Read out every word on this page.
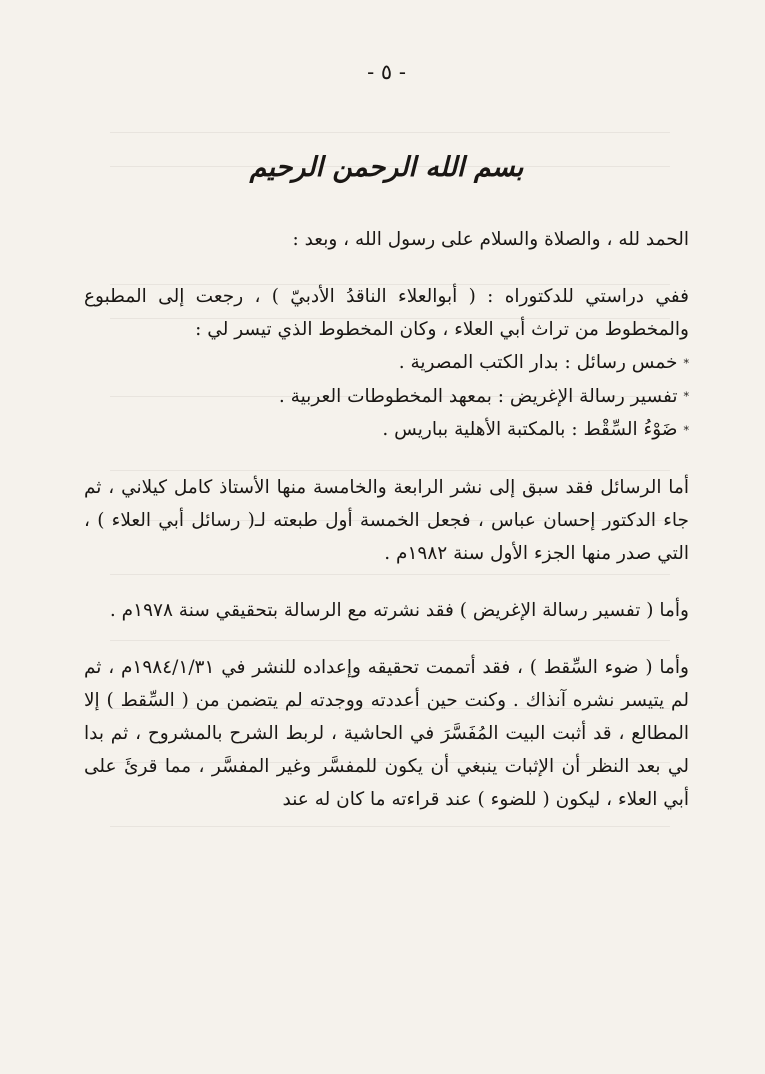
- ٥ -
بسم الله الرحمن الرحيم

الحمد لله ، والصلاة والسلام على رسول الله ، وبعد :

ففي دراستي للدكتوراه : ( أبوالعلاء الناقدُ الأدبيّ ) ، رجعت إلى المطبوع والمخطوط من تراث أبي العلاء ، وكان المخطوط الذي تيسر لي :

*خمس رسائل : بدار الكتب المصرية .

*تفسير رسالة الإغريض : بمعهد المخطوطات العربية .

*ضَوْءُ السِّقْط : بالمكتبة الأهلية بباريس .

أما الرسائل فقد سبق إلى نشر الرابعة والخامسة منها الأستاذ كامل كيلاني ، ثم جاء الدكتور إحسان عباس ، فجعل الخمسة أول طبعته لـ( رسائل أبي العلاء ) ، التي صدر منها الجزء الأول سنة ١٩٨٢م .

وأما ( تفسير رسالة الإغريض ) فقد نشرته مع الرسالة بتحقيقي سنة ١٩٧٨م .

وأما ( ضوء السِّقط ) ، فقد أتممت تحقيقه وإعداده للنشر في ١٩٨٤/١/٣١م ، ثم لم يتيسر نشره آنذاك . وكنت حين أعددته ووجدته لم يتضمن من ( السِّقط ) إلا المطالع ، قد أثبت البيت المُفَسَّرَ في الحاشية ، لربط الشرح بالمشروح ، ثم بدا لي بعد النظر أن الإثبات ينبغي أن يكون للمفسَّر وغير المفسَّر ، مما قرئَ على أبي العلاء ، ليكون ( للضوء ) عند قراءته ما كان له عند
